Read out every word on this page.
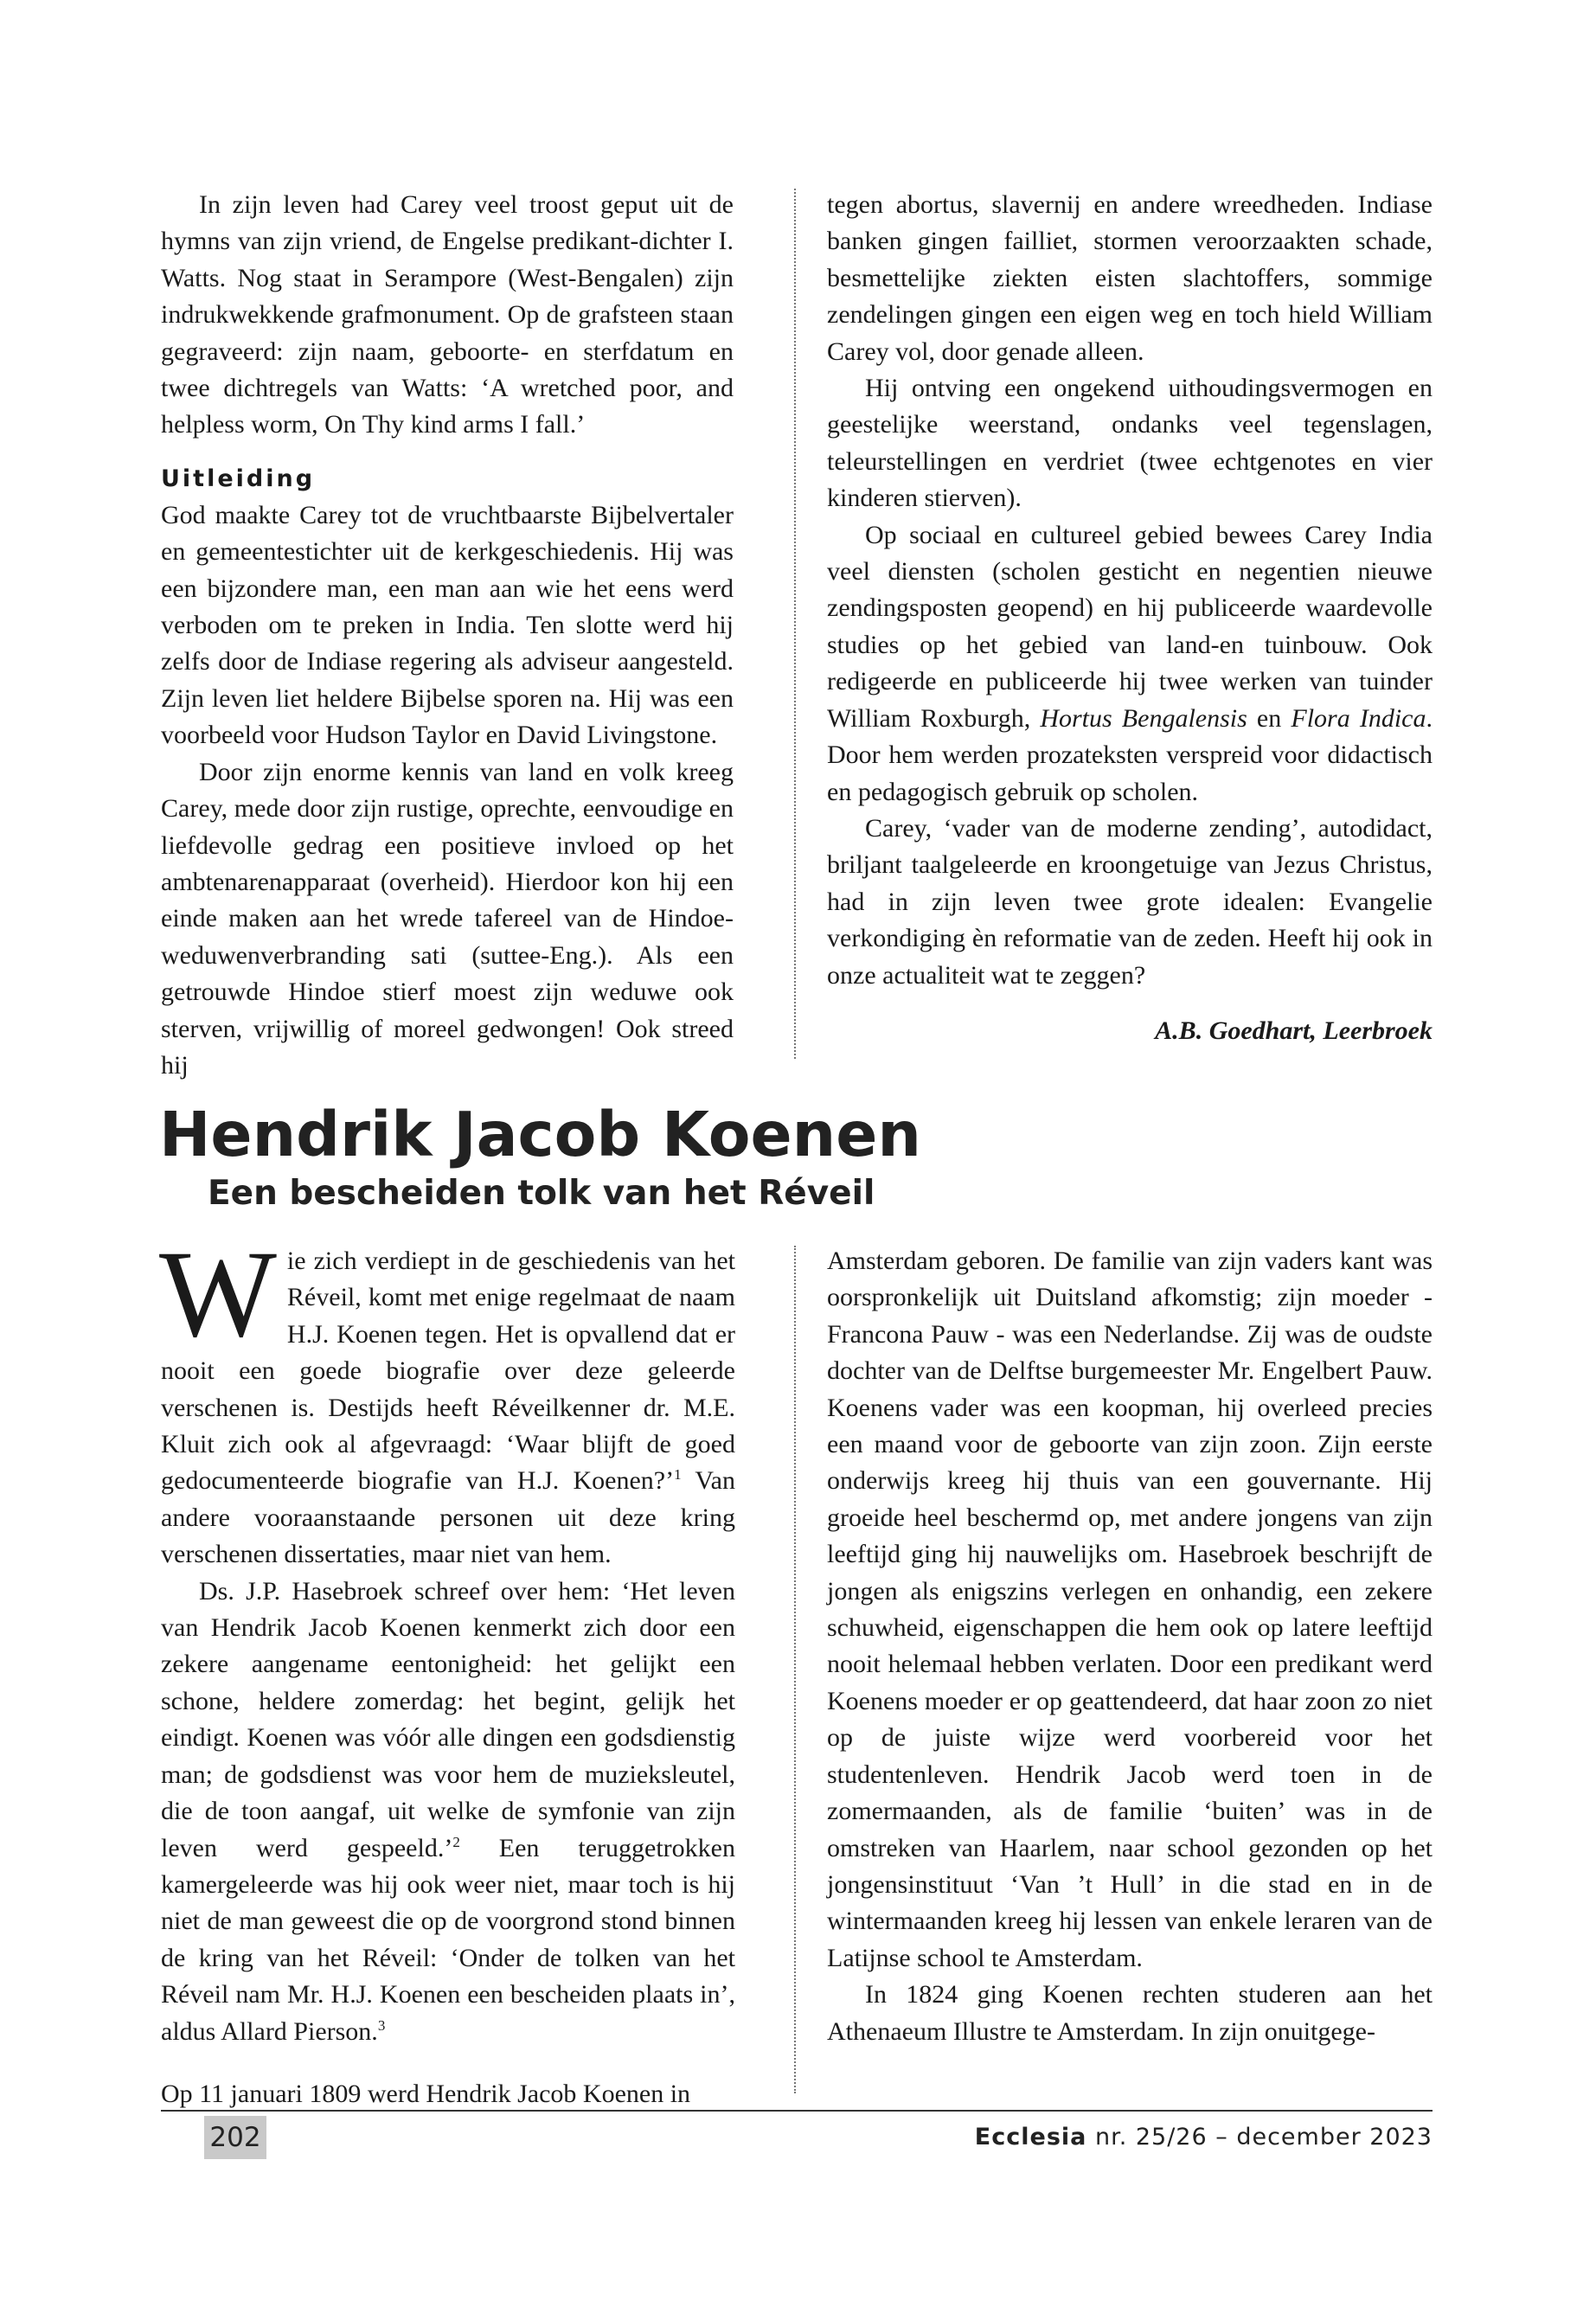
In zijn leven had Carey veel troost geput uit de hymns van zijn vriend, de Engelse predikant-dichter I. Watts. Nog staat in Serampore (West-Bengalen) zijn indrukwekkende grafmonument. Op de grafsteen staan gegraveerd: zijn naam, geboorte- en sterfdatum en twee dichtregels van Watts: ‘A wretched poor, and helpless worm, On Thy kind arms I fall.’

Uitleiding

God maakte Carey tot de vruchtbaarste Bijbelvertaler en gemeentestichter uit de kerkgeschiedenis. Hij was een bijzondere man, een man aan wie het eens werd verboden om te preken in India. Ten slotte werd hij zelfs door de Indiase regering als adviseur aangesteld. Zijn leven liet heldere Bijbelse sporen na. Hij was een voorbeeld voor Hudson Taylor en David Livingstone.

Door zijn enorme kennis van land en volk kreeg Carey, mede door zijn rustige, oprechte, eenvoudige en liefdevolle gedrag een positieve invloed op het ambtenarenapparaat (overheid). Hierdoor kon hij een einde maken aan het wrede tafereel van de Hindoe-weduwenverbranding sati (suttee-Eng.). Als een getrouwde Hindoe stierf moest zijn weduwe ook sterven, vrijwillig of moreel gedwongen! Ook streed hij

tegen abortus, slavernij en andere wreedheden. Indiase banken gingen failliet, stormen veroorzaakten schade, besmettelijke ziekten eisten slachtoffers, sommige zendelingen gingen een eigen weg en toch hield William Carey vol, door genade alleen.

Hij ontving een ongekend uithoudingsvermogen en geestelijke weerstand, ondanks veel tegenslagen, teleurstellingen en verdriet (twee echtgenotes en vier kinderen stierven).

Op sociaal en cultureel gebied bewees Carey India veel diensten (scholen gesticht en negentien nieuwe zendingsposten geopend) en hij publiceerde waardevolle studies op het gebied van land-en tuinbouw. Ook redigeerde en publiceerde hij twee werken van tuinder William Roxburgh, Hortus Bengalensis en Flora Indica. Door hem werden prozateksten verspreid voor didactisch en pedagogisch gebruik op scholen.

Carey, ‘vader van de moderne zending’, autodidact, briljant taalgeleerde en kroongetuige van Jezus Christus, had in zijn leven twee grote idealen: Evangelie verkondiging èn reformatie van de zeden. Heeft hij ook in onze actualiteit wat te zeggen?

A.B. Goedhart, Leerbroek
Hendrik Jacob Koenen
Een bescheiden tolk van het Réveil

Wie zich verdiept in de geschiedenis van het Réveil, komt met enige regelmaat de naam H.J. Koenen tegen. Het is opvallend dat er nooit een goede biografie over deze geleerde verschenen is. Destijds heeft Réveilkenner dr. M.E. Kluit zich ook al afgevraagd: ‘Waar blijft de goed gedocumenteerde biografie van H.J. Koenen?’$^1$ Van andere vooraanstaande personen uit deze kring verschenen dissertaties, maar niet van hem.

Ds. J.P. Hasebroek schreef over hem: ‘Het leven van Hendrik Jacob Koenen kenmerkt zich door een zekere aangename eentonigheid: het gelijkt een schone, heldere zomerdag: het begint, gelijk het eindigt. Koenen was vóór alle dingen een godsdienstig man; de godsdienst was voor hem de muzieksleutel, die de toon aangaf, uit welke de symfonie van zijn leven werd gespeeld.’$^2$ Een teruggetrokken kamergeleerde was hij ook weer niet, maar toch is hij niet de man geweest die op de voorgrond stond binnen de kring van het Réveil: ‘Onder de tolken van het Réveil nam Mr. H.J. Koenen een bescheiden plaats in’, aldus Allard Pierson.$^3$

Op 11 januari 1809 werd Hendrik Jacob Koenen in

Amsterdam geboren. De familie van zijn vaders kant was oorspronkelijk uit Duitsland afkomstig; zijn moeder - Francona Pauw - was een Nederlandse. Zij was de oudste dochter van de Delftse burgemeester Mr. Engelbert Pauw. Koenens vader was een koopman, hij overleed precies een maand voor de geboorte van zijn zoon. Zijn eerste onderwijs kreeg hij thuis van een gouvernante. Hij groeide heel beschermd op, met andere jongens van zijn leeftijd ging hij nauwelijks om. Hasebroek beschrijft de jongen als enigszins verlegen en onhandig, een zekere schuwheid, eigenschappen die hem ook op latere leeftijd nooit helemaal hebben verlaten. Door een predikant werd Koenens moeder er op geattendeerd, dat haar zoon zo niet op de juiste wijze werd voorbereid voor het studentenleven. Hendrik Jacob werd toen in de zomermaanden, als de familie ‘buiten’ was in de omstreken van Haarlem, naar school gezonden op het jongensinstituut ‘Van ’t Hull’ in die stad en in de wintermaanden kreeg hij lessen van enkele leraren van de Latijnse school te Amsterdam.

In 1824 ging Koenen rechten studeren aan het Athenaeum Illustre te Amsterdam. In zijn onuitgege-

202	Ecclesia nr. 25/26 – december 2023
